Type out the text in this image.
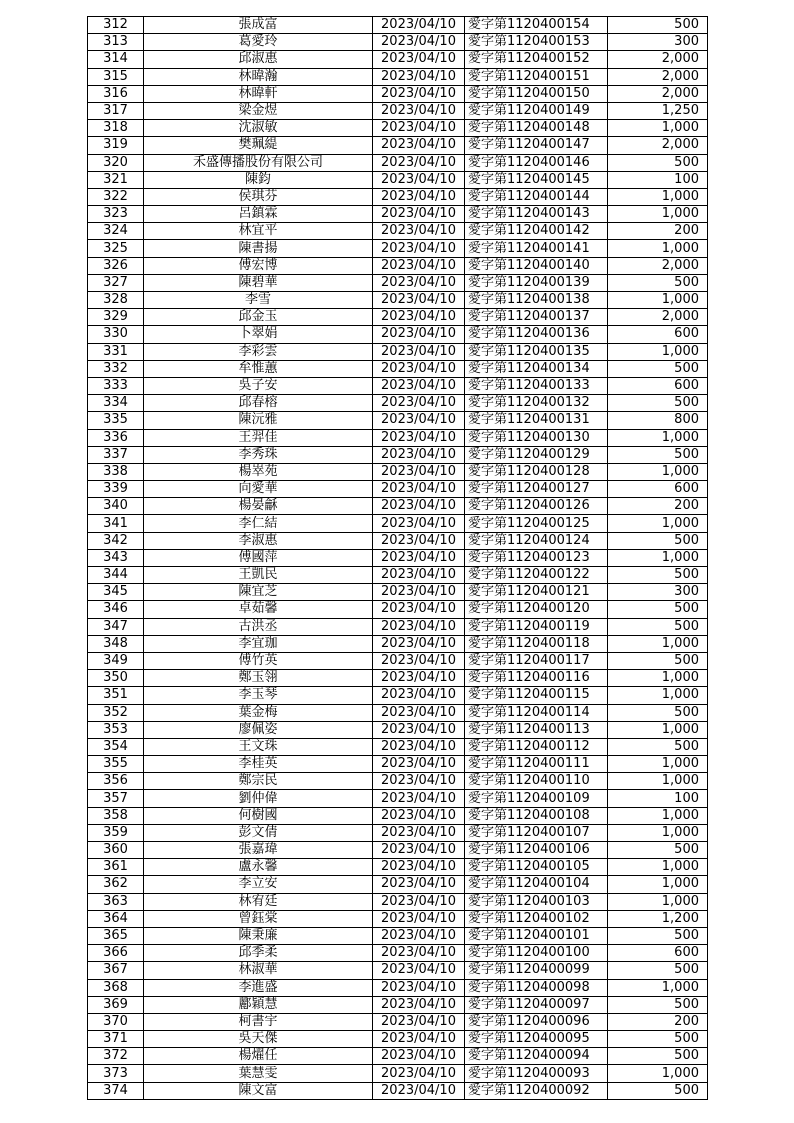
312	張成富	2023/04/10	愛字第1120400154	500
313	葛愛玲	2023/04/10	愛字第1120400153	300
314	邱淑惠	2023/04/10	愛字第1120400152	2,000
315	林暐瀚	2023/04/10	愛字第1120400151	2,000
316	林暐軒	2023/04/10	愛字第1120400150	2,000
317	梁金煜	2023/04/10	愛字第1120400149	1,250
318	沈淑敏	2023/04/10	愛字第1120400148	1,000
319	樊珮緹	2023/04/10	愛字第1120400147	2,000
320	禾盛傳播股份有限公司	2023/04/10	愛字第1120400146	500
321	陳鈞	2023/04/10	愛字第1120400145	100
322	侯琪芬	2023/04/10	愛字第1120400144	1,000
323	呂鎮霖	2023/04/10	愛字第1120400143	1,000
324	林宜平	2023/04/10	愛字第1120400142	200
325	陳書揚	2023/04/10	愛字第1120400141	1,000
326	傅宏博	2023/04/10	愛字第1120400140	2,000
327	陳碧華	2023/04/10	愛字第1120400139	500
328	李雪	2023/04/10	愛字第1120400138	1,000
329	邱金玉	2023/04/10	愛字第1120400137	2,000
330	卜翠娟	2023/04/10	愛字第1120400136	600
331	李彩雲	2023/04/10	愛字第1120400135	1,000
332	牟惟蕙	2023/04/10	愛字第1120400134	500
333	吳子安	2023/04/10	愛字第1120400133	600
334	邱春榕	2023/04/10	愛字第1120400132	500
335	陳沅雅	2023/04/10	愛字第1120400131	800
336	王羿佳	2023/04/10	愛字第1120400130	1,000
337	李秀珠	2023/04/10	愛字第1120400129	500
338	楊崒苑	2023/04/10	愛字第1120400128	1,000
339	向愛華	2023/04/10	愛字第1120400127	600
340	楊晏龢	2023/04/10	愛字第1120400126	200
341	李仁結	2023/04/10	愛字第1120400125	1,000
342	李淑惠	2023/04/10	愛字第1120400124	500
343	傅國萍	2023/04/10	愛字第1120400123	1,000
344	王凱民	2023/04/10	愛字第1120400122	500
345	陳宜芝	2023/04/10	愛字第1120400121	300
346	卓茹馨	2023/04/10	愛字第1120400120	500
347	古洪丞	2023/04/10	愛字第1120400119	500
348	李宜珈	2023/04/10	愛字第1120400118	1,000
349	傅竹英	2023/04/10	愛字第1120400117	500
350	鄭玉翎	2023/04/10	愛字第1120400116	1,000
351	李玉琴	2023/04/10	愛字第1120400115	1,000
352	葉金梅	2023/04/10	愛字第1120400114	500
353	廖佩姿	2023/04/10	愛字第1120400113	1,000
354	王文珠	2023/04/10	愛字第1120400112	500
355	李桂英	2023/04/10	愛字第1120400111	1,000
356	鄭宗民	2023/04/10	愛字第1120400110	1,000
357	劉仲偉	2023/04/10	愛字第1120400109	100
358	何樹國	2023/04/10	愛字第1120400108	1,000
359	彭文倩	2023/04/10	愛字第1120400107	1,000
360	張嘉瑋	2023/04/10	愛字第1120400106	500
361	盧永馨	2023/04/10	愛字第1120400105	1,000
362	李立安	2023/04/10	愛字第1120400104	1,000
363	林宥廷	2023/04/10	愛字第1120400103	1,000
364	曾鈺棠	2023/04/10	愛字第1120400102	1,200
365	陳秉廉	2023/04/10	愛字第1120400101	500
366	邱季柔	2023/04/10	愛字第1120400100	600
367	林淑華	2023/04/10	愛字第1120400099	500
368	李進盛	2023/04/10	愛字第1120400098	1,000
369	酈穎慧	2023/04/10	愛字第1120400097	500
370	柯書宇	2023/04/10	愛字第1120400096	200
371	吳天傑	2023/04/10	愛字第1120400095	500
372	楊燿任	2023/04/10	愛字第1120400094	500
373	葉慧雯	2023/04/10	愛字第1120400093	1,000
374	陳文富	2023/04/10	愛字第1120400092	500
